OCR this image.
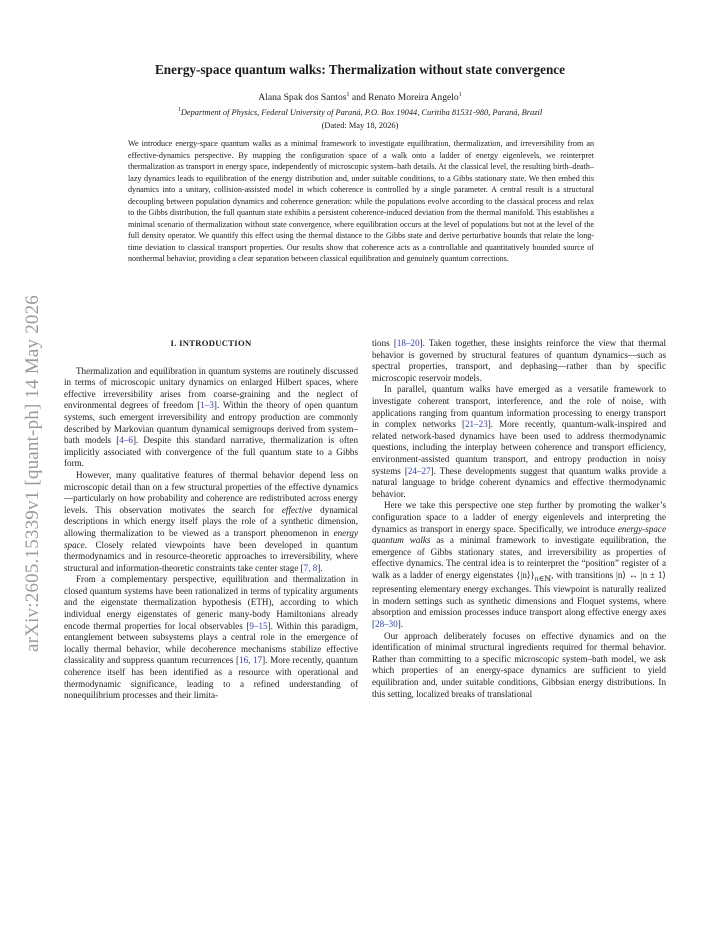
arXiv:2605.15339v1 [quant-ph] 14 May 2026
Energy-space quantum walks: Thermalization without state convergence
Alana Spak dos Santos$^1$ and Renato Moreira Angelo$^1$
$^1$Department of Physics, Federal University of Paraná, P.O. Box 19044, Curitiba 81531-980, Paraná, Brazil
(Dated: May 18, 2026)

We introduce energy-space quantum walks as a minimal framework to investigate equilibration, thermalization, and irreversibility from an effective-dynamics perspective. By mapping the configuration space of a walk onto a ladder of energy eigenlevels, we reinterpret thermalization as transport in energy space, independently of microscopic system–bath details. At the classical level, the resulting birth–death–lazy dynamics leads to equilibration of the energy distribution and, under suitable conditions, to a Gibbs stationary state. We then embed this dynamics into a unitary, collision-assisted model in which coherence is controlled by a single parameter. A central result is a structural decoupling between population dynamics and coherence generation: while the populations evolve according to the classical process and relax to the Gibbs distribution, the full quantum state exhibits a persistent coherence-induced deviation from the thermal manifold. This establishes a minimal scenario of thermalization without state convergence, where equilibration occurs at the level of populations but not at the level of the full density operator. We quantify this effect using the thermal distance to the Gibbs state and derive perturbative bounds that relate the long-time deviation to classical transport properties. Our results show that coherence acts as a controllable and quantitatively bounded source of nonthermal behavior, providing a clear separation between classical equilibration and genuinely quantum corrections.

I. INTRODUCTION

Thermalization and equilibration in quantum systems are routinely discussed in terms of microscopic unitary dynamics on enlarged Hilbert spaces, where effective irreversibility arises from coarse-graining and the neglect of environmental degrees of freedom [1–3]. Within the theory of open quantum systems, such emergent irreversibility and entropy production are commonly described by Markovian quantum dynamical semigroups derived from system–bath models [4–6]. Despite this standard narrative, thermalization is often implicitly associated with convergence of the full quantum state to a Gibbs form.

However, many qualitative features of thermal behavior depend less on microscopic detail than on a few structural properties of the effective dynamics—particularly on how probability and coherence are redistributed across energy levels. This observation motivates the search for effective dynamical descriptions in which energy itself plays the role of a synthetic dimension, allowing thermalization to be viewed as a transport phenomenon in energy space. Closely related viewpoints have been developed in quantum thermodynamics and in resource-theoretic approaches to irreversibility, where structural and information-theoretic constraints take center stage [7, 8].

From a complementary perspective, equilibration and thermalization in closed quantum systems have been rationalized in terms of typicality arguments and the eigenstate thermalization hypothesis (ETH), according to which individual energy eigenstates of generic many-body Hamiltonians already encode thermal properties for local observables [9–15]. Within this paradigm, entanglement between subsystems plays a central role in the emergence of locally thermal behavior, while decoherence mechanisms stabilize effective classicality and suppress quantum recurrences [16, 17]. More recently, quantum coherence itself has been identified as a resource with operational and thermodynamic significance, leading to a refined understanding of nonequilibrium processes and their limita-

tions [18–20]. Taken together, these insights reinforce the view that thermal behavior is governed by structural features of quantum dynamics—such as spectral properties, transport, and dephasing—rather than by specific microscopic reservoir models.

In parallel, quantum walks have emerged as a versatile framework to investigate coherent transport, interference, and the role of noise, with applications ranging from quantum information processing to energy transport in complex networks [21–23]. More recently, quantum-walk-inspired and related network-based dynamics have been used to address thermodynamic questions, including the interplay between coherence and transport efficiency, environment-assisted quantum transport, and entropy production in noisy systems [24–27]. These developments suggest that quantum walks provide a natural language to bridge coherent dynamics and effective thermodynamic behavior.

Here we take this perspective one step further by promoting the walker’s configuration space to a ladder of energy eigenlevels and interpreting the dynamics as transport in energy space. Specifically, we introduce energy-space quantum walks as a minimal framework to investigate equilibration, the emergence of Gibbs stationary states, and irreversibility as properties of effective dynamics. The central idea is to reinterpret the “position” register of a walk as a ladder of energy eigenstates $\{|n⟩\}_{n\in ℕ}$, with transitions |n⟩ ↔ |n ± 1⟩ representing elementary energy exchanges. This viewpoint is naturally realized in modern settings such as synthetic dimensions and Floquet systems, where absorption and emission processes induce transport along effective energy axes [28–30].

Our approach deliberately focuses on effective dynamics and on the identification of minimal structural ingredients required for thermal behavior. Rather than committing to a specific microscopic system–bath model, we ask which properties of an energy-space dynamics are sufficient to yield equilibration and, under suitable conditions, Gibbsian energy distributions. In this setting, localized breaks of translational
